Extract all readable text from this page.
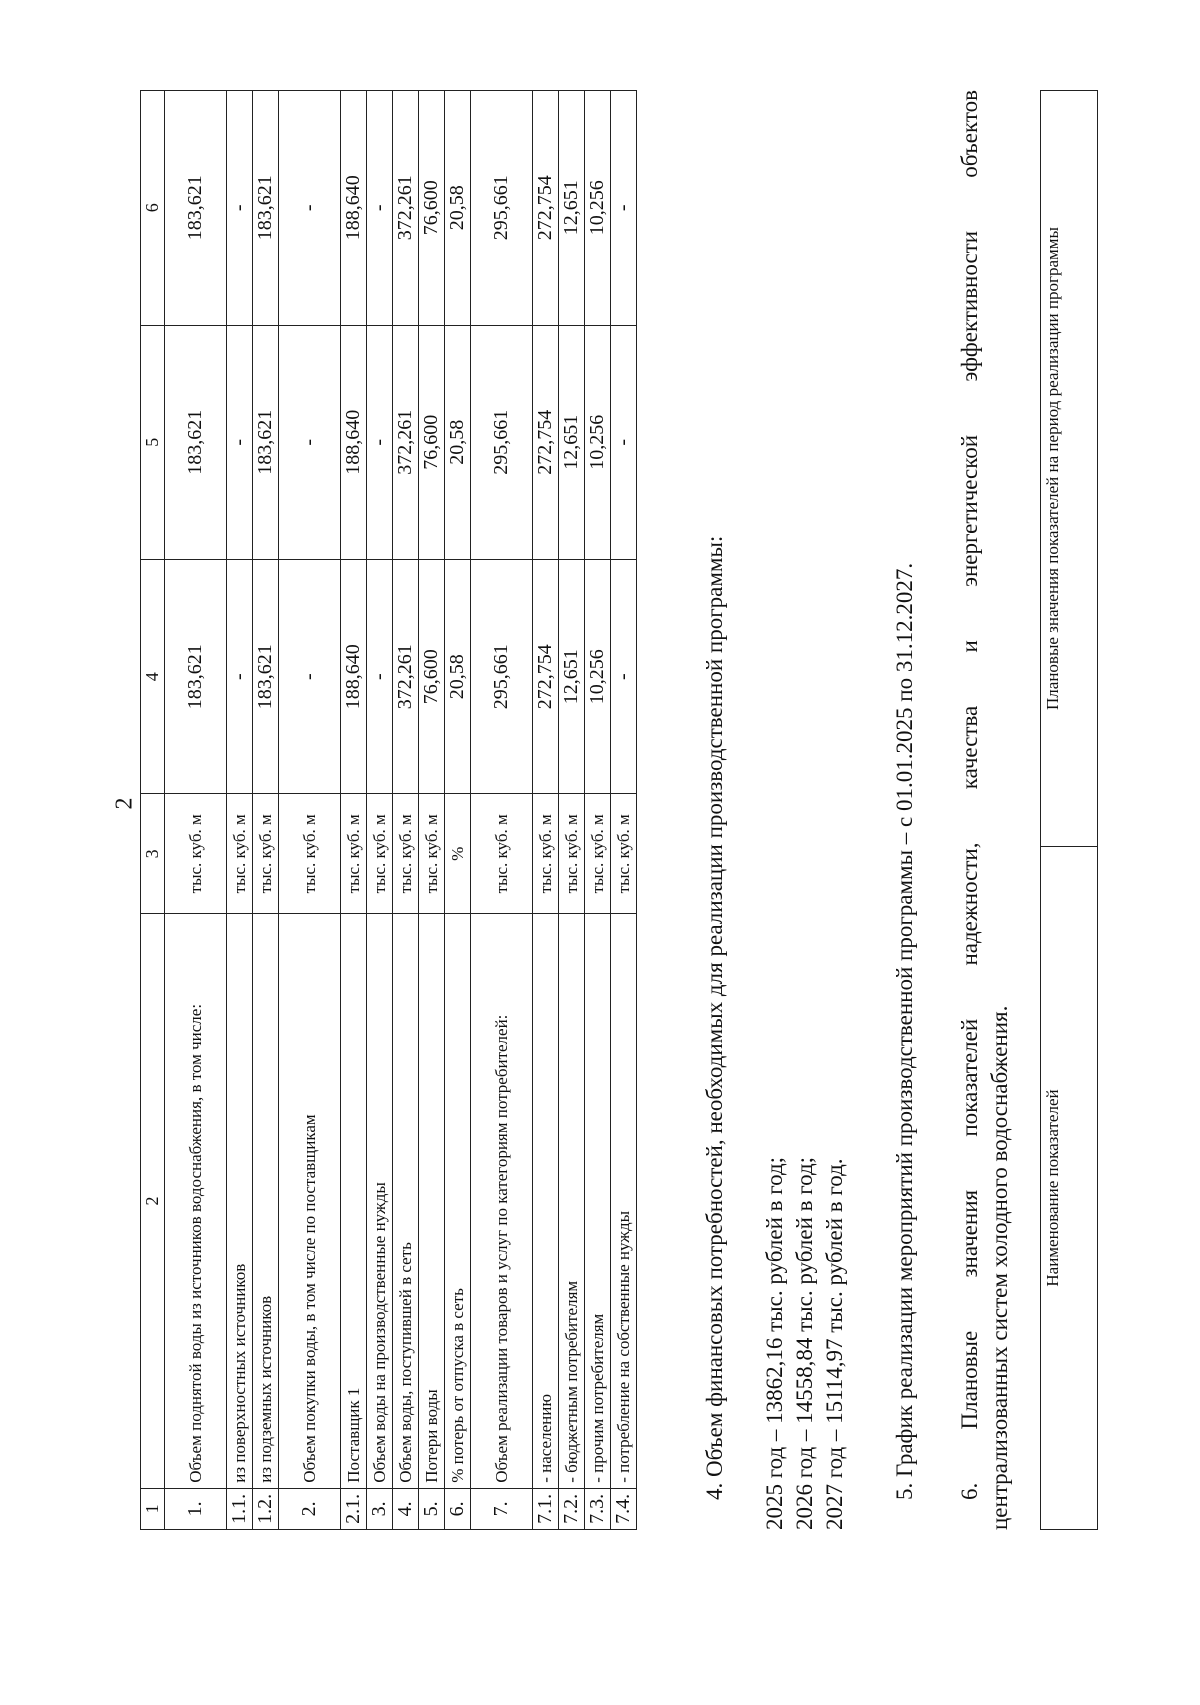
2
1	2	3	4	5	6
1.	Объем поднятой воды из источников водоснабжения, в том числе:	тыс. куб. м	183,621	183,621	183,621
1.1.	из поверхностных источников	тыс. куб. м	-	-	-
1.2.	из подземных источников	тыс. куб. м	183,621	183,621	183,621
2.	Объем покупки воды, в том числе по поставщикам	тыс. куб. м	-	-	-
2.1.	Поставщик 1	тыс. куб. м	188,640	188,640	188,640
3.	Объем воды на производственные нужды	тыс. куб. м	-	-	-
4.	Объем воды, поступившей в сеть	тыс. куб. м	372,261	372,261	372,261
5.	Потери воды	тыс. куб. м	76,600	76,600	76,600
6.	% потерь от отпуска в сеть	%	20,58	20,58	20,58
7.	Объем реализации товаров и услуг по категориям потребителей:	тыс. куб. м	295,661	295,661	295,661
7.1.	- населению	тыс. куб. м	272,754	272,754	272,754
7.2.	- бюджетным потребителям	тыс. куб. м	12,651	12,651	12,651
7.3.	- прочим потребителям	тыс. куб. м	10,256	10,256	10,256
7.4.	- потребление на собственные нужды	тыс. куб. м	-	-	-
4. Объем финансовых потребностей, необходимых для реализации производственной программы: 2025 год – 13862,16 тыс. рублей в год; 2026 год – 14558,84 тыс. рублей в год; 2027 год – 15114,97 тыс. рублей в год. 5. График реализации мероприятий производственной программы – с 01.01.2025 по 31.12.2027. 6. Плановые значения показателей надежности, качества и энергетической эффективности объектов централизованных систем холодного водоснабжения. Наименование показателей	Плановые значения показателей на период реализации программы
